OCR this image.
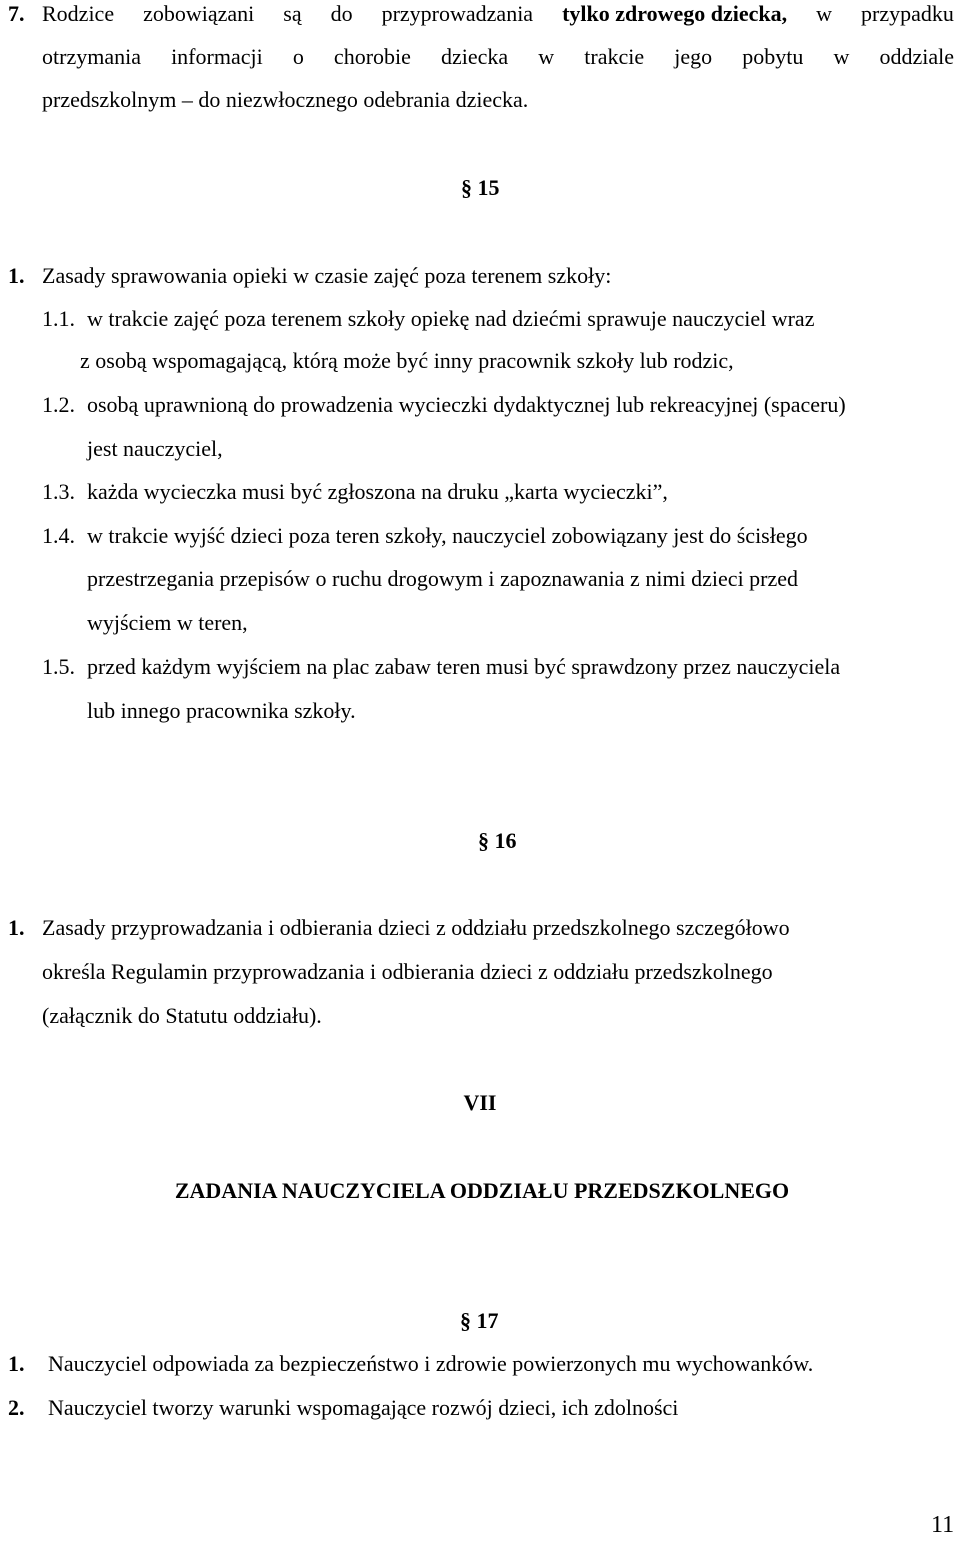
7. Rodzice zobowiązani są do przyprowadzania tylko zdrowego dziecka, w przypadku
otrzymania informacji o chorobie dziecka w trakcie jego pobytu w oddziale
przedszkolnym – do niezwłocznego odebrania dziecka.
§ 15
1. Zasady sprawowania opieki w czasie zajęć poza terenem szkoły:
1.1. w trakcie zajęć poza terenem szkoły opiekę nad dziećmi sprawuje nauczyciel wraz
z osobą wspomagającą, którą może być inny pracownik szkoły lub rodzic,
1.2. osobą uprawnioną do prowadzenia wycieczki dydaktycznej lub rekreacyjnej (spaceru)
jest nauczyciel,
1.3. każda wycieczka musi być zgłoszona na druku „karta wycieczki”,
1.4. w trakcie wyjść dzieci poza teren szkoły, nauczyciel zobowiązany jest do ścisłego
przestrzegania przepisów o ruchu drogowym i zapoznawania z nimi dzieci przed
wyjściem w teren,
1.5. przed każdym wyjściem na plac zabaw teren musi być sprawdzony przez nauczyciela
lub innego pracownika szkoły.
§ 16
1. Zasady przyprowadzania i odbierania dzieci z oddziału przedszkolnego szczegółowo
określa Regulamin przyprowadzania i odbierania dzieci z oddziału przedszkolnego
(załącznik do Statutu oddziału).
VII
ZADANIA NAUCZYCIELA ODDZIAŁU PRZEDSZKOLNEGO
§ 17
1. Nauczyciel odpowiada za bezpieczeństwo i zdrowie powierzonych mu wychowanków.
2. Nauczyciel tworzy warunki wspomagające rozwój dzieci, ich zdolności
11
